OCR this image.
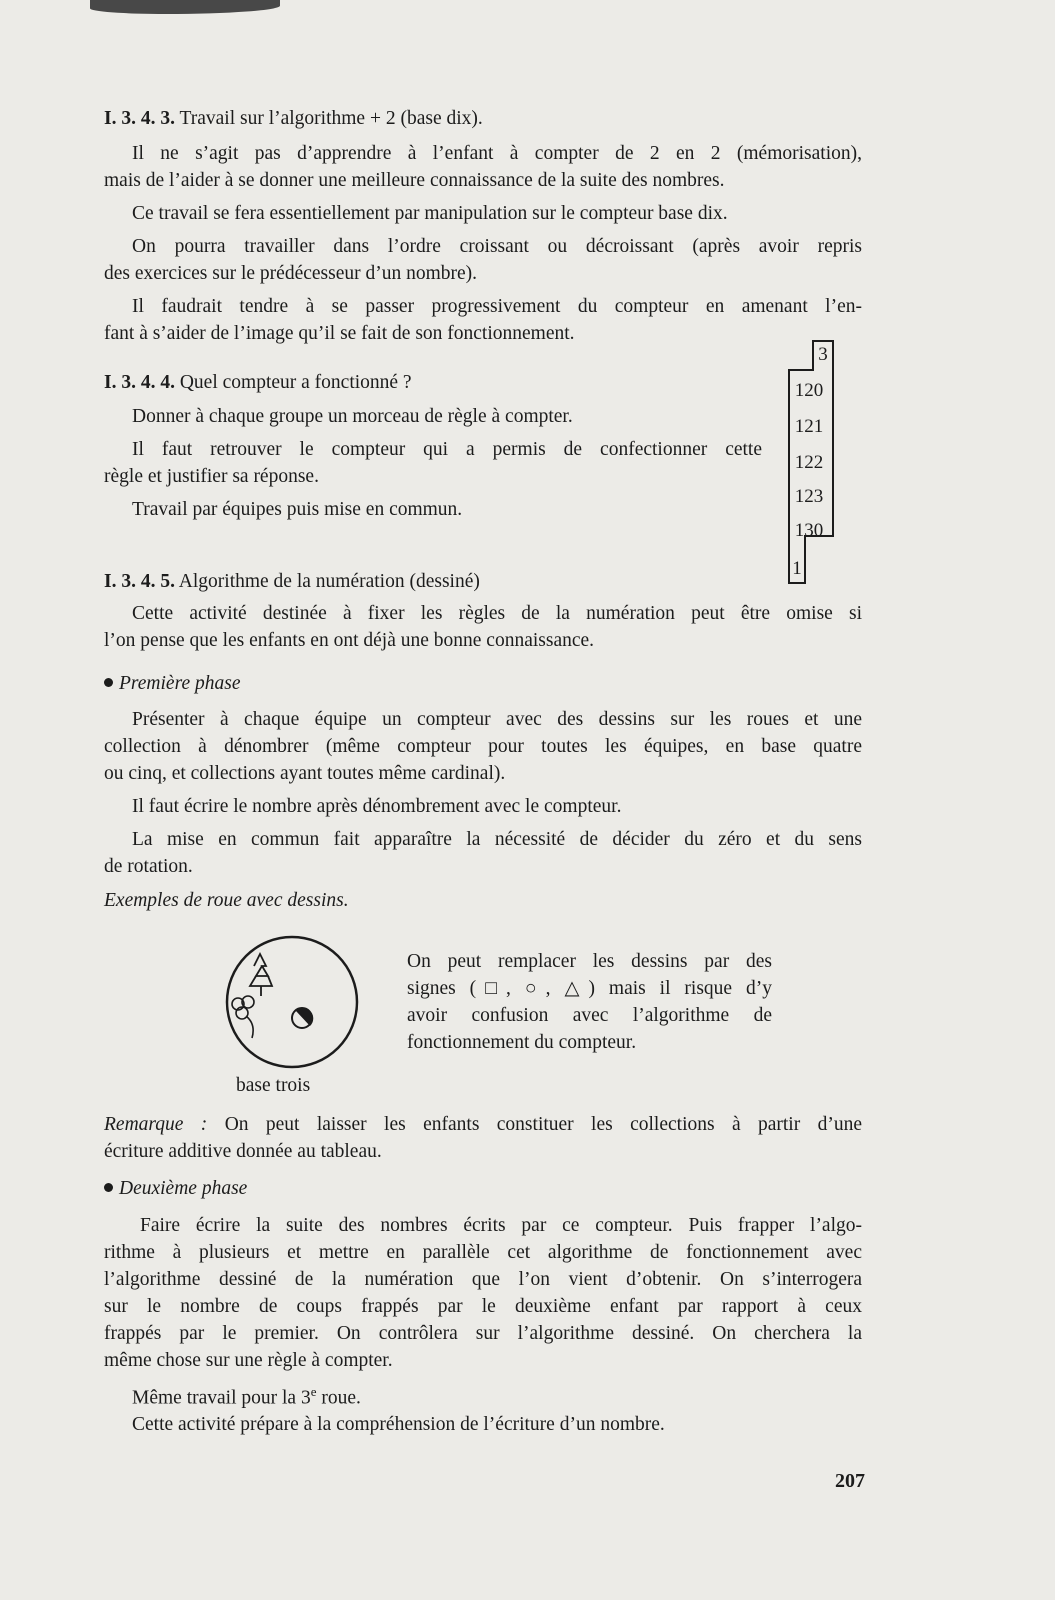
I. 3. 4. 3. Travail sur l’algorithme + 2 (base dix).

Il ne s’agit pas d’apprendre à l’enfant à compter de 2 en 2 (mémorisation),

mais de l’aider à se donner une meilleure connaissance de la suite des nombres.

Ce travail se fera essentiellement par manipulation sur le compteur base dix.

On pourra travailler dans l’ordre croissant ou décroissant (après avoir repris

des exercices sur le prédécesseur d’un nombre).

Il faudrait tendre à se passer progressivement du compteur en amenant l’en-

fant à s’aider de l’image qu’il se fait de son fonctionnement.

I. 3. 4. 4. Quel compteur a fonctionné ?

Donner à chaque groupe un morceau de règle à compter.

Il faut retrouver le compteur qui a permis de confectionner cette

règle et justifier sa réponse.

Travail par équipes puis mise en commun.

3
120
121
122
123
130
1

I. 3. 4. 5. Algorithme de la numération (dessiné)

Cette activité destinée à fixer les règles de la numération peut être omise si

l’on pense que les enfants en ont déjà une bonne connaissance.

Première phase

Présenter à chaque équipe un compteur avec des dessins sur les roues et une

collection à dénombrer (même compteur pour toutes les équipes, en base quatre

ou cinq, et collections ayant toutes même cardinal).

Il faut écrire le nombre après dénombrement avec le compteur.

La mise en commun fait apparaître la nécessité de décider du zéro et du sens

de rotation.

Exemples de roue avec dessins.

On peut remplacer les dessins par des

signes (□, ○, △) mais il risque d’y

avoir confusion avec l’algorithme de

fonctionnement du compteur.

base trois

Remarque : On peut laisser les enfants constituer les collections à partir d’une

écriture additive donnée au tableau.

Deuxième phase

Faire écrire la suite des nombres écrits par ce compteur. Puis frapper l’algo-

rithme à plusieurs et mettre en parallèle cet algorithme de fonctionnement avec

l’algorithme dessiné de la numération que l’on vient d’obtenir. On s’interrogera

sur le nombre de coups frappés par le deuxième enfant par rapport à ceux

frappés par le premier. On contrôlera sur l’algorithme dessiné. On cherchera la

même chose sur une règle à compter.

Même travail pour la 3e roue.

Cette activité prépare à la compréhension de l’écriture d’un nombre.

207
